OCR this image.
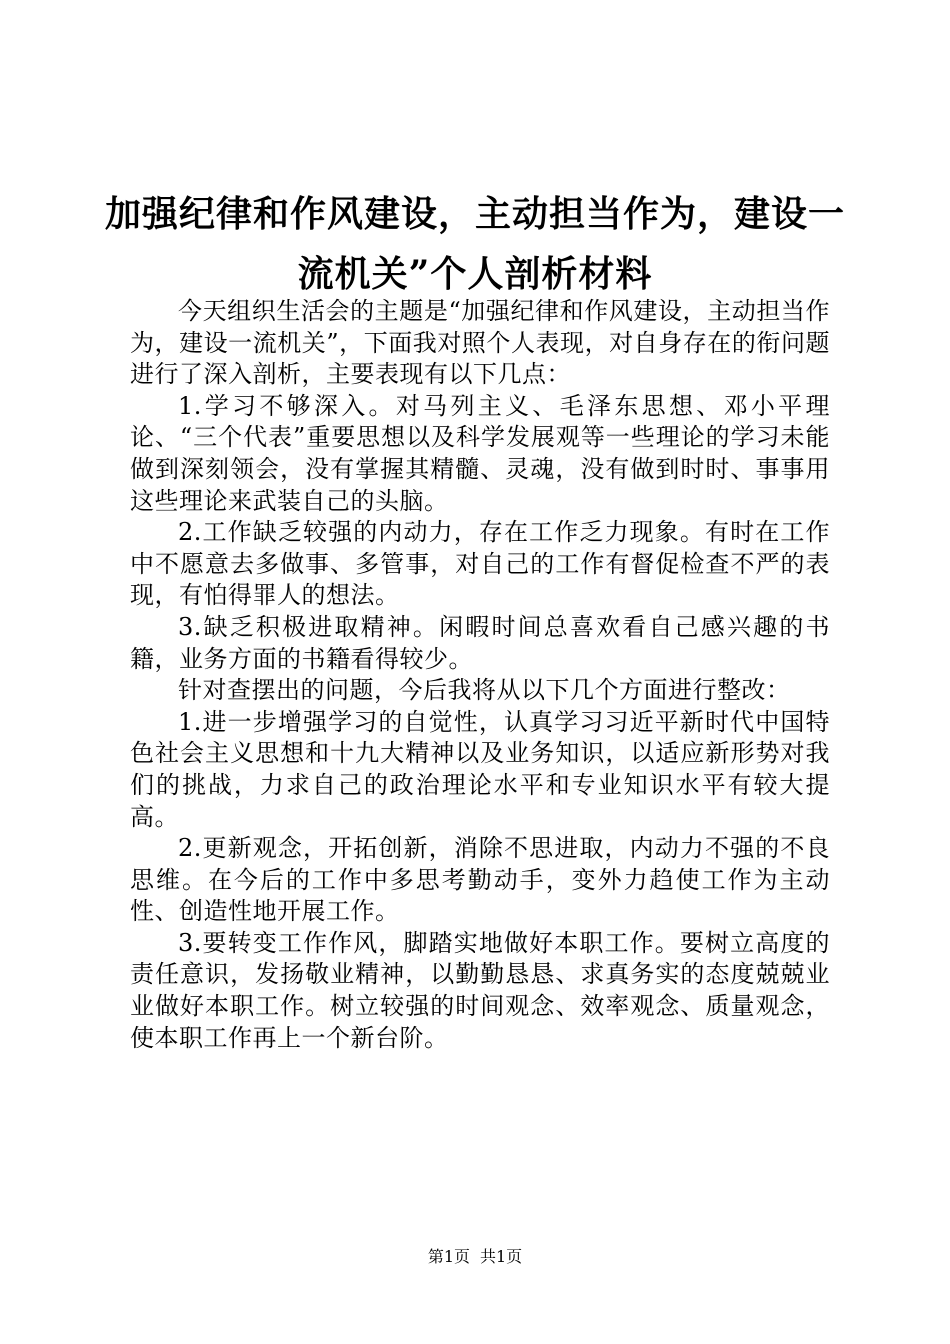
加强纪律和作风建设，主动担当作为，建设一
流机关”个人剖析材料

今天组织生活会的主题是“加强纪律和作风建设，主动担当作为，建设一流机关”，下面我对照个人表现，对自身存在的衔问题进行了深入剖析，主要表现有以下几点：

1.学习不够深入。对马列主义、毛泽东思想、邓小平理论、“三个代表”重要思想以及科学发展观等一些理论的学习未能做到深刻领会，没有掌握其精髓、灵魂，没有做到时时、事事用这些理论来武装自己的头脑。

2.工作缺乏较强的内动力，存在工作乏力现象。有时在工作中不愿意去多做事、多管事，对自己的工作有督促检查不严的表现，有怕得罪人的想法。

3.缺乏积极进取精神。闲暇时间总喜欢看自己感兴趣的书籍，业务方面的书籍看得较少。

针对查摆出的问题，今后我将从以下几个方面进行整改：

1.进一步增强学习的自觉性，认真学习习近平新时代中国特色社会主义思想和十九大精神以及业务知识，以适应新形势对我们的挑战，力求自己的政治理论水平和专业知识水平有较大提高。

2.更新观念，开拓创新，消除不思进取，内动力不强的不良思维。在今后的工作中多思考勤动手，变外力趋使工作为主动性、创造性地开展工作。

3.要转变工作作风，脚踏实地做好本职工作。要树立高度的责任意识，发扬敬业精神，以勤勤恳恳、求真务实的态度兢兢业业做好本职工作。树立较强的时间观念、效率观念、质量观念，使本职工作再上一个新台阶。

第1页 共1页
